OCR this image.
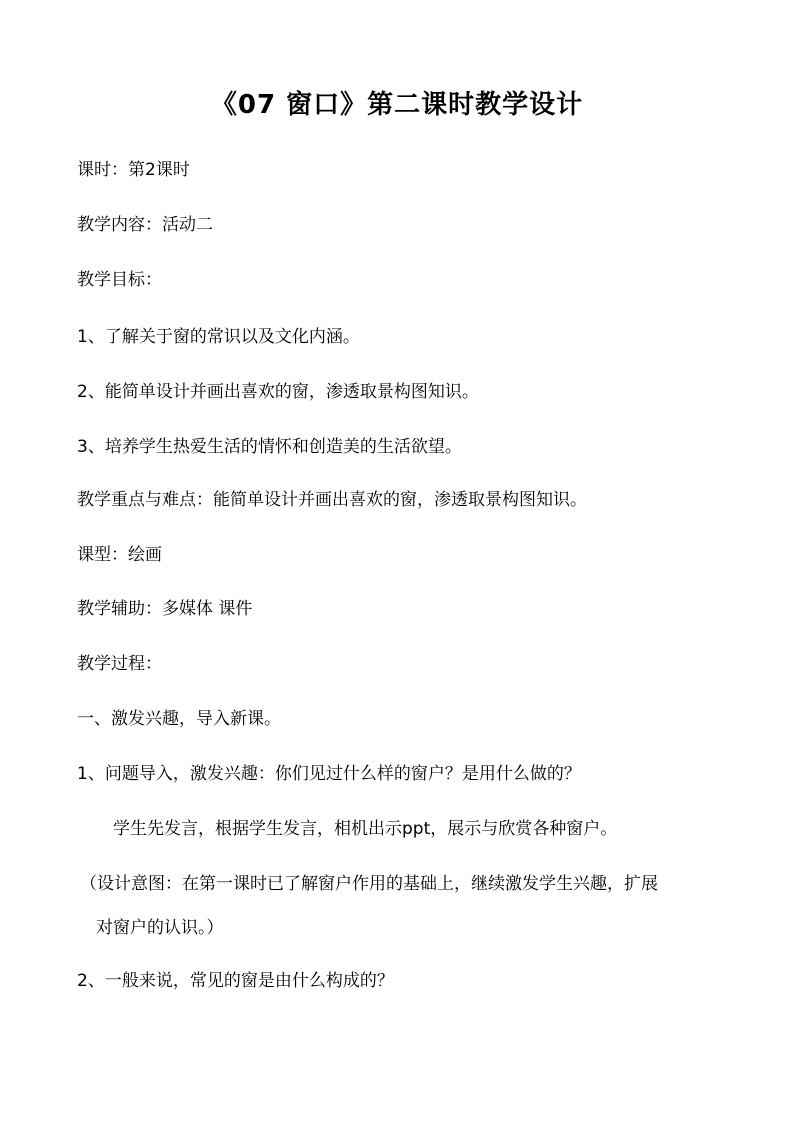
《07 窗口》第二课时教学设计
课时：第2课时
教学内容：活动二
教学目标：
1、了解关于窗的常识以及文化内涵。
2、能简单设计并画出喜欢的窗，渗透取景构图知识。
3、培养学生热爱生活的情怀和创造美的生活欲望。
教学重点与难点：能简单设计并画出喜欢的窗，渗透取景构图知识。
课型：绘画
教学辅助：多媒体 课件
教学过程：
一、激发兴趣，导入新课。
1、问题导入，激发兴趣：你们见过什么样的窗户？是用什么做的？
学生先发言，根据学生发言，相机出示ppt，展示与欣赏各种窗户。
（设计意图：在第一课时已了解窗户作用的基础上，继续激发学生兴趣，扩展
对窗户的认识。）
2、一般来说，常见的窗是由什么构成的？
